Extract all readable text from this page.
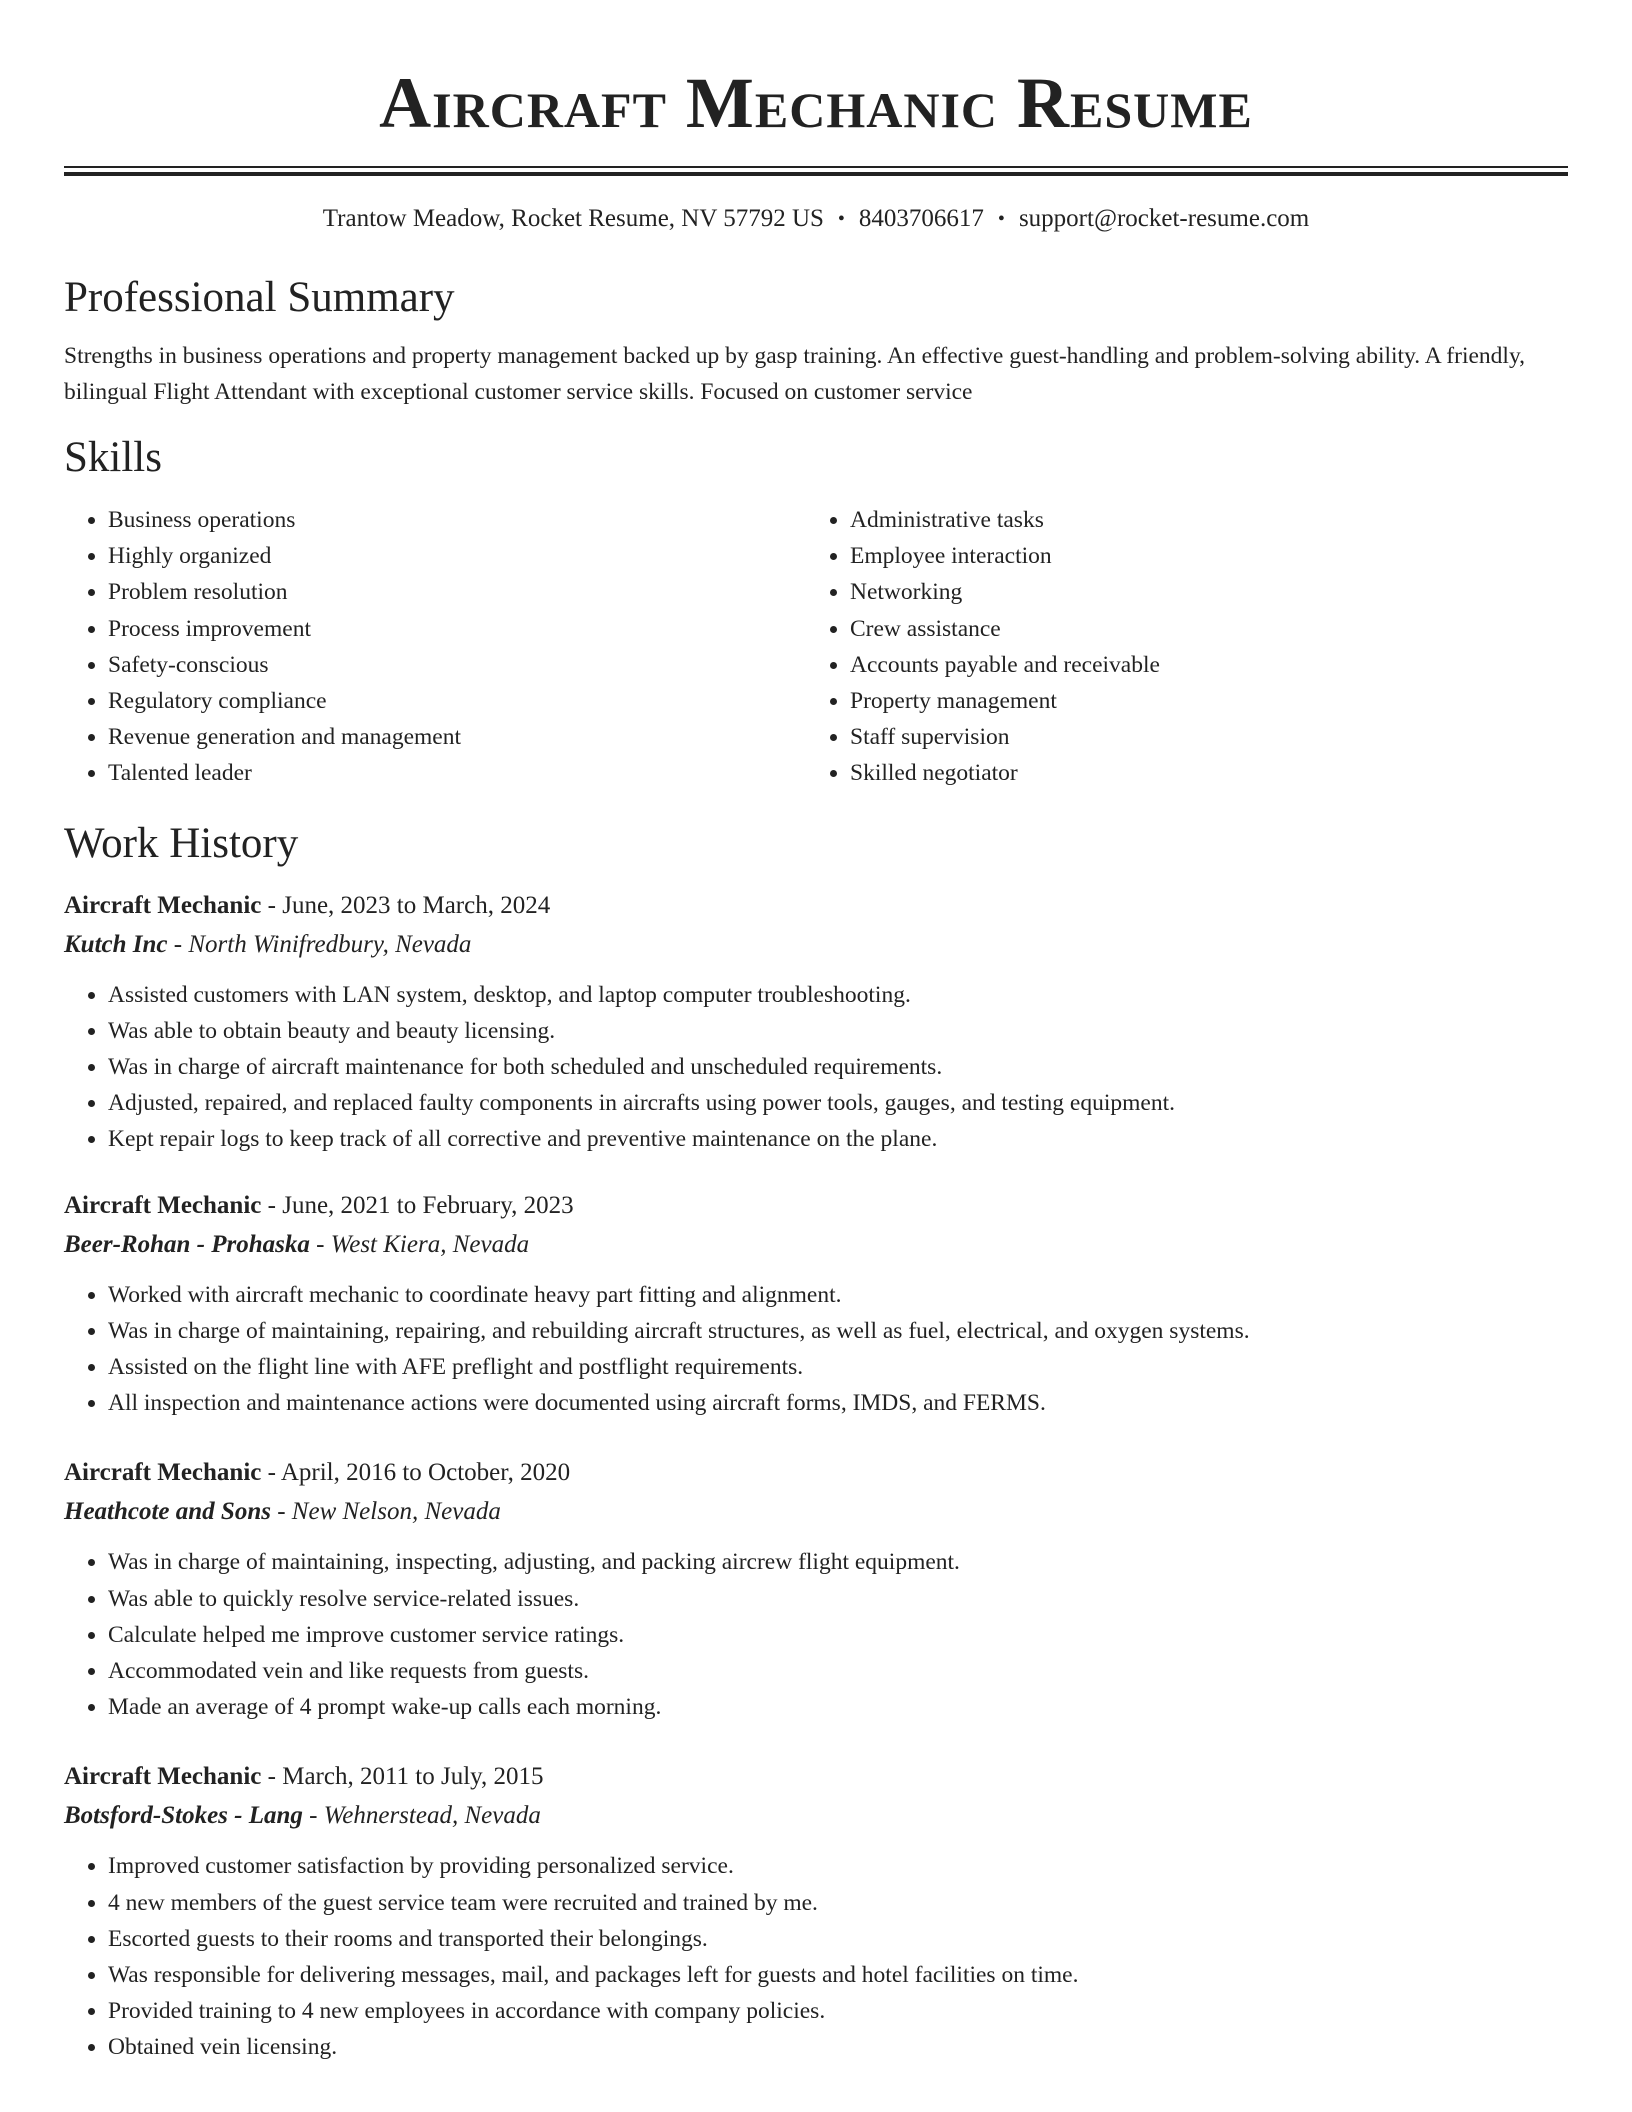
Aircraft Mechanic Resume
Trantow Meadow, Rocket Resume, NV 57792 US • 8403706617 • support@rocket-resume.com
Professional Summary
Strengths in business operations and property management backed up by gasp training. An effective guest-handling and problem-solving ability. A friendly, bilingual Flight Attendant with exceptional customer service skills. Focused on customer service
Skills
• Business operations
• Highly organized
• Problem resolution
• Process improvement
• Safety-conscious
• Regulatory compliance
• Revenue generation and management
• Talented leader
• Administrative tasks
• Employee interaction
• Networking
• Crew assistance
• Accounts payable and receivable
• Property management
• Staff supervision
• Skilled negotiator
Work History
Aircraft Mechanic - June, 2023 to March, 2024
Kutch Inc - North Winifredbury, Nevada
• Assisted customers with LAN system, desktop, and laptop computer troubleshooting.
• Was able to obtain beauty and beauty licensing.
• Was in charge of aircraft maintenance for both scheduled and unscheduled requirements.
• Adjusted, repaired, and replaced faulty components in aircrafts using power tools, gauges, and testing equipment.
• Kept repair logs to keep track of all corrective and preventive maintenance on the plane.
Aircraft Mechanic - June, 2021 to February, 2023
Beer-Rohan - Prohaska - West Kiera, Nevada
• Worked with aircraft mechanic to coordinate heavy part fitting and alignment.
• Was in charge of maintaining, repairing, and rebuilding aircraft structures, as well as fuel, electrical, and oxygen systems.
• Assisted on the flight line with AFE preflight and postflight requirements.
• All inspection and maintenance actions were documented using aircraft forms, IMDS, and FERMS.
Aircraft Mechanic - April, 2016 to October, 2020
Heathcote and Sons - New Nelson, Nevada
• Was in charge of maintaining, inspecting, adjusting, and packing aircrew flight equipment.
• Was able to quickly resolve service-related issues.
• Calculate helped me improve customer service ratings.
• Accommodated vein and like requests from guests.
• Made an average of 4 prompt wake-up calls each morning.
Aircraft Mechanic - March, 2011 to July, 2015
Botsford-Stokes - Lang - Wehnerstead, Nevada
• Improved customer satisfaction by providing personalized service.
• 4 new members of the guest service team were recruited and trained by me.
• Escorted guests to their rooms and transported their belongings.
• Was responsible for delivering messages, mail, and packages left for guests and hotel facilities on time.
• Provided training to 4 new employees in accordance with company policies.
• Obtained vein licensing.
